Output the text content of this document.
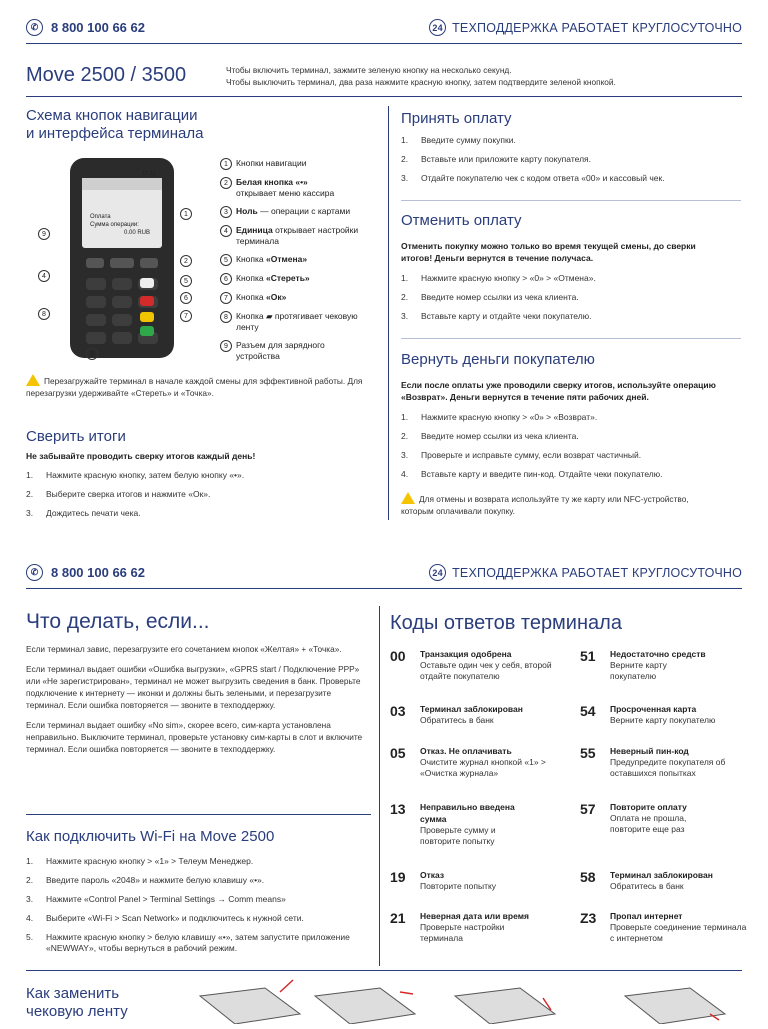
✆ 8 800 100 66 62	24 ТЕХПОДДЕРЖКА РАБОТАЕТ КРУГЛОСУТОЧНО
Move 2500 / 3500	Чтобы включить терминал, зажмите зеленую кнопку на несколько секунд.
Чтобы выключить терминал, два раза нажмите красную кнопку, затем подтвердите зеленой кнопкой.
Схема кнопок навигации
и интерфейса терминала
Оплата
Сумма операции:
0.00 RUB
11:11
9
4
8
3
1
2
5
6
7
1 Кнопки навигации
2 Белая кнопка «•»
открывает меню кассира
3 Ноль — операции с картами
4 Единица открывает настройки терминала
5 Кнопка «Отмена»
6 Кнопка «Стереть»
7 Кнопка «Ок»
8 Кнопка ▰ протягивает чековую ленту
9 Разъем для зарядного
устройства
Перезагружайте терминал в начале каждой смены для эффективной работы. Для перезагрузки удерживайте «Стереть» и «Точка».
Сверить итоги
Не забывайте проводить сверку итогов каждый день!
1.	Нажмите красную кнопку, затем белую кнопку «•».
2.	Выберите сверка итогов и нажмите «Ок».
3.	Дождитесь печати чека.
Принять оплату
1.	Введите сумму покупки.
2.	Вставьте или приложите карту покупателя.
3.	Отдайте покупателю чек с кодом ответа «00» и кассовый чек.
Отменить оплату
Отменить покупку можно только во время текущей смены, до сверки итогов! Деньги вернутся в течение получаса.
1.	Нажмите красную кнопку > «0» > «Отмена».
2.	Введите номер ссылки из чека клиента.
3.	Вставьте карту и отдайте чеки покупателю.
Вернуть деньги покупателю
Если после оплаты уже проводили сверку итогов, используйте операцию «Возврат». Деньги вернутся в течение пяти рабочих дней.
1.	Нажмите красную кнопку > «0» > «Возврат».
2.	Введите номер ссылки из чека клиента.
3.	Проверьте и исправьте сумму, если возврат частичный.
4.	Вставьте карту и введите пин-код. Отдайте чеки покупателю.
Для отмены и возврата используйте ту же карту или NFC-устройство, которым оплачивали покупку.
✆ 8 800 100 66 62	24 ТЕХПОДДЕРЖКА РАБОТАЕТ КРУГЛОСУТОЧНО
Что делать, если...

Если терминал завис, перезагрузите его сочетанием кнопок «Желтая» + «Точка».

Если терминал выдает ошибки «Ошибка выгрузки», «GPRS start / Подключение PPP» или «Не зарегистрирован», терминал не может выгрузить сведения в банк. Проверьте подключение к интернету — иконки и должны быть зелеными, и перезагрузите терминал. Если ошибка повторяется — звоните в техподдержку.

Если терминал выдает ошибку «No sim», скорее всего, сим-карта установлена неправильно. Выключите терминал, проверьте установку сим-карты в слот и включите терминал. Если ошибка повторяется — звоните в техподдержку.

Как подключить Wi-Fi на Move 2500
1.	Нажмите красную кнопку > «1» > Телеум Менеджер.
2.	Введите пароль «2048» и нажмите белую клавишу «•».
3.	Нажмите «Control Panel > Terminal Settings → Comm means»
4.	Выберите «Wi-Fi > Scan Network» и подключитесь к нужной сети.
5.	Нажмите красную кнопку > белую клавишу «•», затем запустите приложение «NEWWAY», чтобы вернуться в рабочий режим.
Коды ответов терминала
00	Транзакция одобрена
Оставьте один чек у себя, второй отдайте покупателю
03	Терминал заблокирован
Обратитесь в банк
05	Отказ. Не оплачивать
Очистите журнал кнопкой «1» > «Очистка журнала»
13	Неправильно введена сумма
Проверьте сумму и повторите попытку
19	Отказ
Повторите попытку
21	Неверная дата или время
Проверьте настройки терминала
51	Недостаточно средств
Верните карту покупателю
54	Просроченная карта
Верните карту покупателю
55	Неверный пин-код
Предупредите покупателя об оставшихся попытках
57	Повторите оплату
Оплата не прошла, повторите еще раз
58	Терминал заблокирован
Обратитесь в банк
Z3	Пропал интернет
Проверьте соединение терминала с интернетом
Как заменить
чековую ленту
